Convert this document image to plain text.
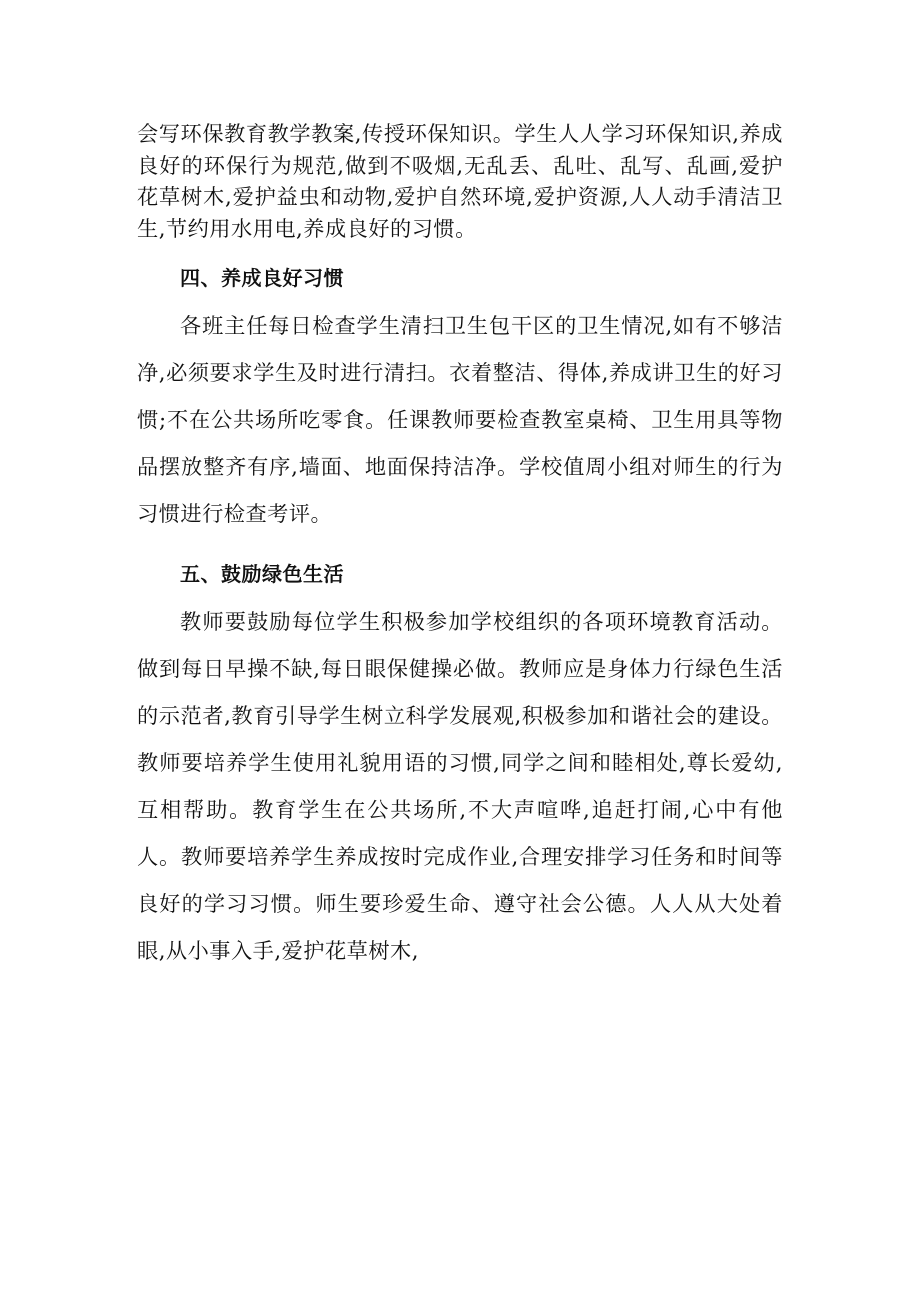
会写环保教育教学教案,传授环保知识。学生人人学习环保知识,养成良好的环保行为规范,做到不吸烟,无乱丢、乱吐、乱写、乱画,爱护花草树木,爱护益虫和动物,爱护自然环境,爱护资源,人人动手清洁卫生,节约用水用电,养成良好的习惯。

四、养成良好习惯

各班主任每日检查学生清扫卫生包干区的卫生情况,如有不够洁净,必须要求学生及时进行清扫。衣着整洁、得体,养成讲卫生的好习惯;不在公共场所吃零食。任课教师要检查教室桌椅、卫生用具等物品摆放整齐有序,墙面、地面保持洁净。学校值周小组对师生的行为习惯进行检查考评。

五、鼓励绿色生活

教师要鼓励每位学生积极参加学校组织的各项环境教育活动。做到每日早操不缺,每日眼保健操必做。教师应是身体力行绿色生活的示范者,教育引导学生树立科学发展观,积极参加和谐社会的建设。教师要培养学生使用礼貌用语的习惯,同学之间和睦相处,尊长爱幼,互相帮助。教育学生在公共场所,不大声喧哗,追赶打闹,心中有他人。教师要培养学生养成按时完成作业,合理安排学习任务和时间等良好的学习习惯。师生要珍爱生命、遵守社会公德。人人从大处着眼,从小事入手,爱护花草树木,
